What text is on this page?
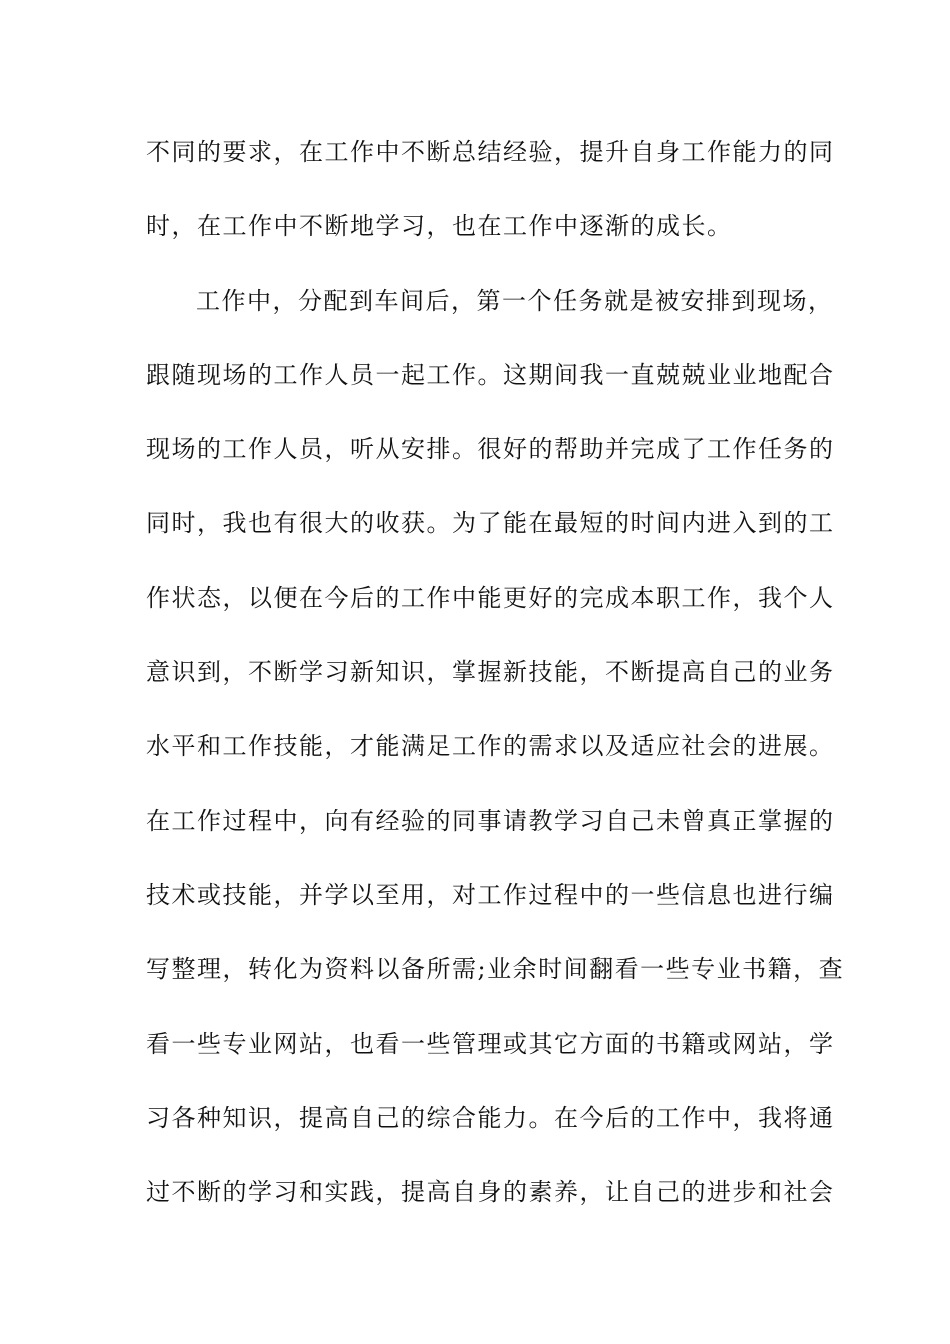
不同的要求，在工作中不断总结经验，提升自身工作能力的同
时，在工作中不断地学习，也在工作中逐渐的成长。
工作中，分配到车间后，第一个任务就是被安排到现场，
跟随现场的工作人员一起工作。这期间我一直兢兢业业地配合
现场的工作人员，听从安排。很好的帮助并完成了工作任务的
同时，我也有很大的收获。为了能在最短的时间内进入到的工
作状态，以便在今后的工作中能更好的完成本职工作，我个人
意识到，不断学习新知识，掌握新技能，不断提高自己的业务
水平和工作技能，才能满足工作的需求以及适应社会的进展。
在工作过程中，向有经验的同事请教学习自己未曾真正掌握的
技术或技能，并学以至用，对工作过程中的一些信息也进行编
写整理，转化为资料以备所需;业余时间翻看一些专业书籍，查
看一些专业网站，也看一些管理或其它方面的书籍或网站，学
习各种知识，提高自己的综合能力。在今后的工作中，我将通
过不断的学习和实践，提高自身的素养，让自己的进步和社会
